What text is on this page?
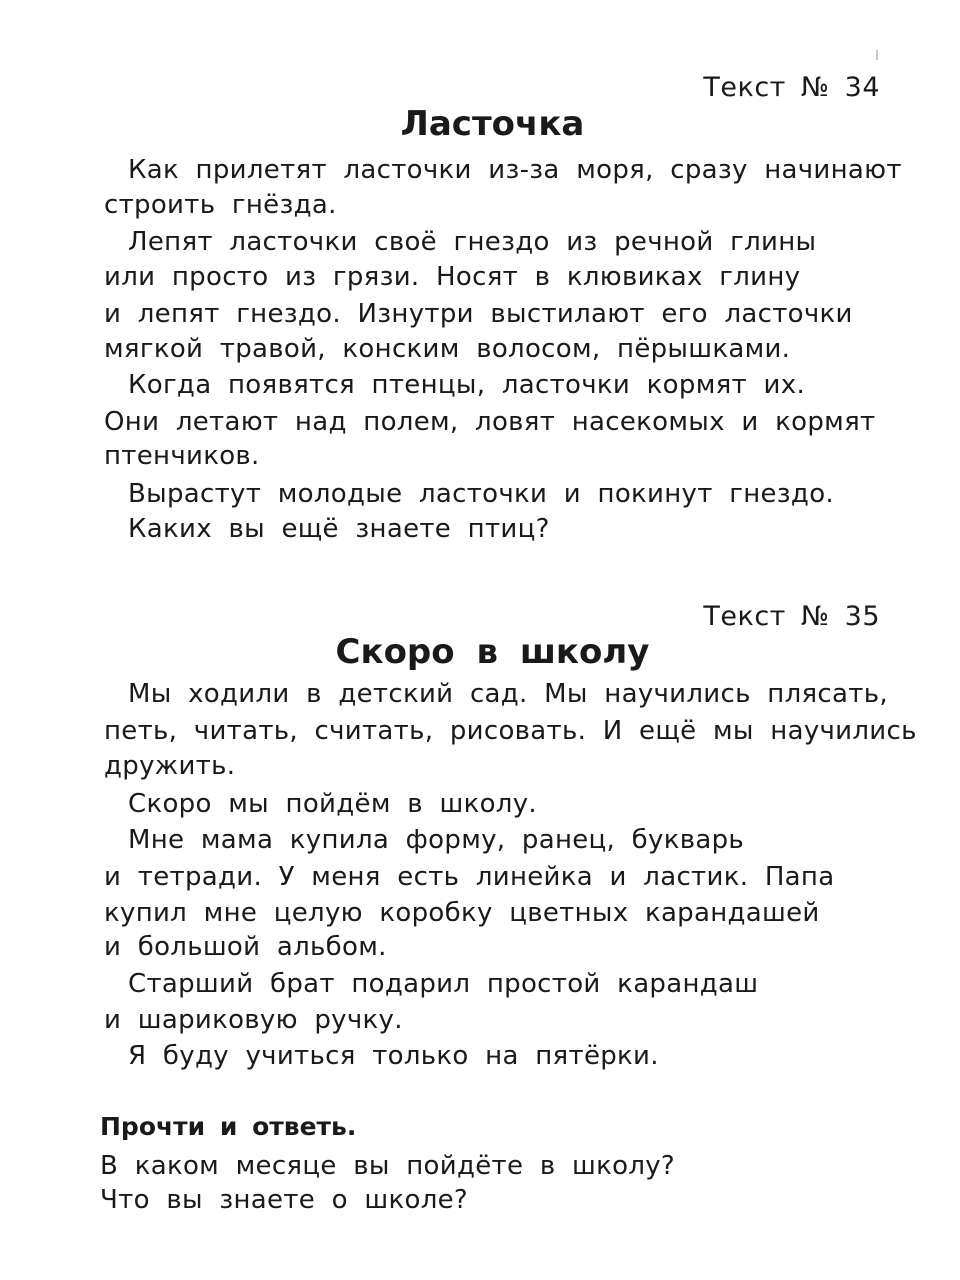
Текст № 34
Ласточка
Как прилетят ласточки из-за моря, сразу начинают
строить гнёзда.
Лепят ласточки своё гнездо из речной глины
или просто из грязи. Носят в клювиках глину
и лепят гнездо. Изнутри выстилают его ласточки
мягкой травой, конским волосом, пёрышками.
Когда появятся птенцы, ласточки кормят их.
Они летают над полем, ловят насекомых и кормят
птенчиков.
Вырастут молодые ласточки и покинут гнездо.
Каких вы ещё знаете птиц?
Текст № 35
Скоро в школу
Мы ходили в детский сад. Мы научились плясать,
петь, читать, считать, рисовать. И ещё мы научились
дружить.
Скоро мы пойдём в школу.
Мне мама купила форму, ранец, букварь
и тетради. У меня есть линейка и ластик. Папа
купил мне целую коробку цветных карандашей
и большой альбом.
Старший брат подарил простой карандаш
и шариковую ручку.
Я буду учиться только на пятёрки.
Прочти и ответь.
В каком месяце вы пойдёте в школу?
Что вы знаете о школе?
